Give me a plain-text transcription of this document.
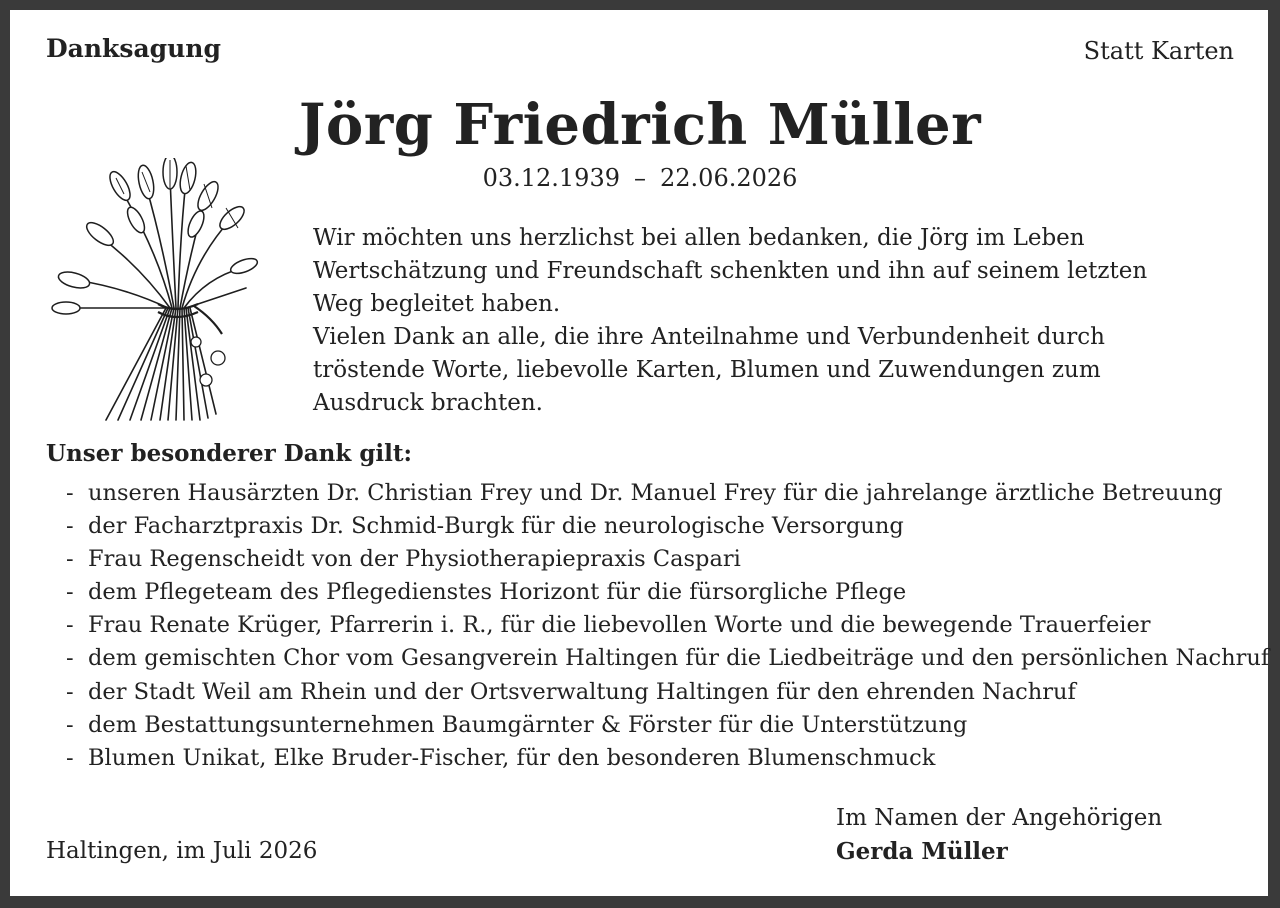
Danksagung	Statt Karten
Jörg Friedrich Müller
03.12.1939 – 22.06.2026
Wir möchten uns herzlichst bei allen bedanken, die Jörg im Leben
Wertschätzung und Freundschaft schenkten und ihn auf seinem letzten
Weg begleitet haben.
Vielen Dank an alle, die ihre Anteilnahme und Verbundenheit durch
tröstende Worte, liebevolle Karten, Blumen und Zuwendungen zum
Ausdruck brachten.
Unser besonderer Dank gilt:
- unseren Hausärzten Dr. Christian Frey und Dr. Manuel Frey für die jahrelange ärztliche Betreuung
- der Facharztpraxis Dr. Schmid-Burgk für die neurologische Versorgung
- Frau Regenscheidt von der Physiotherapiepraxis Caspari
- dem Pflegeteam des Pflegedienstes Horizont für die fürsorgliche Pflege
- Frau Renate Krüger, Pfarrerin i. R., für die liebevollen Worte und die bewegende Trauerfeier
- dem gemischten Chor vom Gesangverein Haltingen für die Liedbeiträge und den persönlichen Nachruf
- der Stadt Weil am Rhein und der Ortsverwaltung Haltingen für den ehrenden Nachruf
- dem Bestattungsunternehmen Baumgärnter & Förster für die Unterstützung
- Blumen Unikat, Elke Bruder-Fischer, für den besonderen Blumenschmuck
Haltingen, im Juli 2026
Im Namen der Angehörigen
Gerda Müller
